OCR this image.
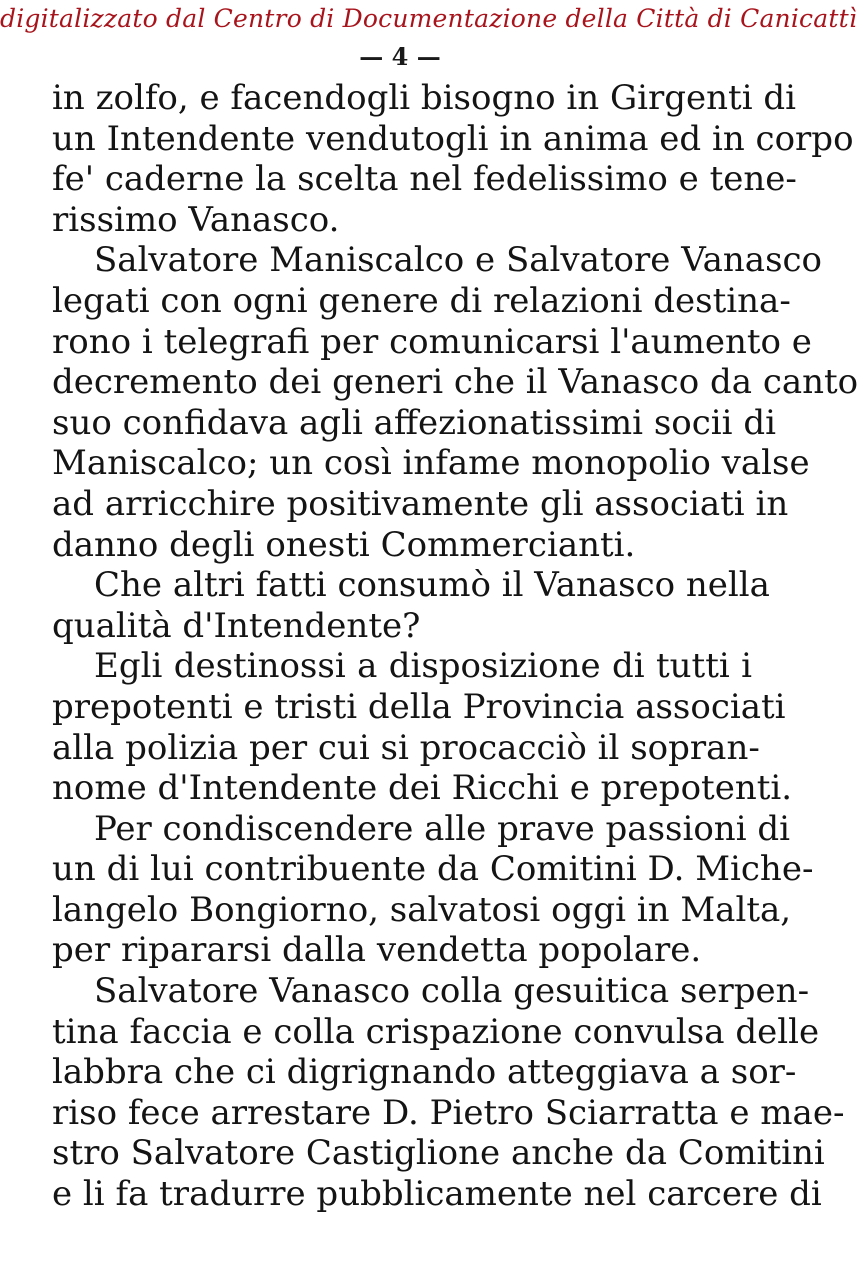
digitalizzato dal Centro di Documentazione della Città di Canicattì
— 4 —
in zolfo, e facendogli bisogno in Girgenti di
un Intendente vendutogli in anima ed in corpo
fe' caderne la scelta nel fedelissimo e tene-
rissimo Vanasco.
Salvatore Maniscalco e Salvatore Vanasco
legati con ogni genere di relazioni destina-
rono i telegrafi per comunicarsi l'aumento e
decremento dei generi che il Vanasco da canto
suo confidava agli affezionatissimi socii di
Maniscalco; un così infame monopolio valse
ad arricchire positivamente gli associati in
danno degli onesti Commercianti.
Che altri fatti consumò il Vanasco nella
qualità d'Intendente?
Egli destinossi a disposizione di tutti i
prepotenti e tristi della Provincia associati
alla polizia per cui si procacciò il sopran-
nome d'Intendente dei Ricchi e prepotenti.
Per condiscendere alle prave passioni di
un di lui contribuente da Comitini D. Miche-
langelo Bongiorno, salvatosi oggi in Malta,
per ripararsi dalla vendetta popolare.
Salvatore Vanasco colla gesuitica serpen-
tina faccia e colla crispazione convulsa delle
labbra che ci digrignando atteggiava a sor-
riso fece arrestare D. Pietro Sciarratta e mae-
stro Salvatore Castiglione anche da Comitini
e li fa tradurre pubblicamente nel carcere di
